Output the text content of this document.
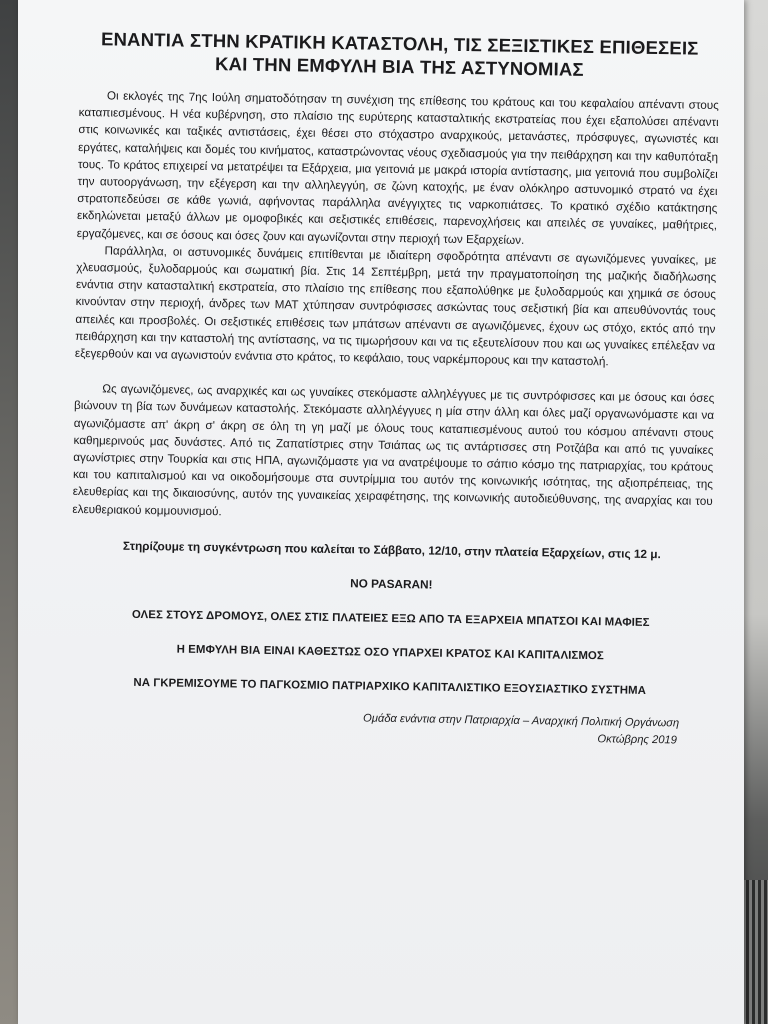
ΕΝΑΝΤΙΑ ΣΤΗΝ ΚΡΑΤΙΚΗ ΚΑΤΑΣΤΟΛΗ, ΤΙΣ ΣΕΞΙΣΤΙΚΕΣ ΕΠΙΘΕΣΕΙΣ
ΚΑΙ ΤΗΝ ΕΜΦΥΛΗ ΒΙΑ ΤΗΣ ΑΣΤΥΝΟΜΙΑΣ

Οι εκλογές της 7ης Ιούλη σηματοδότησαν τη συνέχιση της επίθεσης του κράτους και του κεφαλαίου απέναντι στους καταπιεσμένους. Η νέα κυβέρνηση, στο πλαίσιο της ευρύτερης κατασταλτικής εκστρατείας που έχει εξαπολύσει απέναντι στις κοινωνικές και ταξικές αντιστάσεις, έχει θέσει στο στόχαστρο αναρχικούς, μετανάστες, πρόσφυγες, αγωνιστές και εργάτες, καταλήψεις και δομές του κινήματος, καταστρώνοντας νέους σχεδιασμούς για την πειθάρχηση και την καθυπόταξη τους. Το κράτος επιχειρεί να μετατρέψει τα Εξάρχεια, μια γειτονιά με μακρά ιστορία αντίστασης, μια γειτονιά που συμβολίζει την αυτοοργάνωση, την εξέγερση και την αλληλεγγύη, σε ζώνη κατοχής, με έναν ολόκληρο αστυνομικό στρατό να έχει στρατοπεδεύσει σε κάθε γωνιά, αφήνοντας παράλληλα ανέγγιχτες τις ναρκοπιάτσες. Το κρατικό σχέδιο κατάκτησης εκδηλώνεται μεταξύ άλλων με ομοφοβικές και σεξιστικές επιθέσεις, παρενοχλήσεις και απειλές σε γυναίκες, μαθήτριες, εργαζόμενες, και σε όσους και όσες ζουν και αγωνίζονται στην περιοχή των Εξαρχείων.

Παράλληλα, οι αστυνομικές δυνάμεις επιτίθενται με ιδιαίτερη σφοδρότητα απέναντι σε αγωνιζόμενες γυναίκες, με χλευασμούς, ξυλοδαρμούς και σωματική βία. Στις 14 Σεπτέμβρη, μετά την πραγματοποίηση της μαζικής διαδήλωσης ενάντια στην κατασταλτική εκστρατεία, στο πλαίσιο της επίθεσης που εξαπολύθηκε με ξυλοδαρμούς και χημικά σε όσους κινούνταν στην περιοχή, άνδρες των ΜΑΤ χτύπησαν συντρόφισσες ασκώντας τους σεξιστική βία και απευθύνοντάς τους απειλές και προσβολές. Οι σεξιστικές επιθέσεις των μπάτσων απέναντι σε αγωνιζόμενες, έχουν ως στόχο, εκτός από την πειθάρχηση και την καταστολή της αντίστασης, να τις τιμωρήσουν και να τις εξευτελίσουν που και ως γυναίκες επέλεξαν να εξεγερθούν και να αγωνιστούν ενάντια στο κράτος, το κεφάλαιο, τους ναρκέμπορους και την καταστολή.

Ως αγωνιζόμενες, ως αναρχικές και ως γυναίκες στεκόμαστε αλληλέγγυες με τις συντρόφισσες και με όσους και όσες βιώνουν τη βία των δυνάμεων καταστολής. Στεκόμαστε αλληλέγγυες η μία στην άλλη και όλες μαζί οργανωνόμαστε και να αγωνιζόμαστε απ' άκρη σ' άκρη σε όλη τη γη μαζί με όλους τους καταπιεσμένους αυτού του κόσμου απέναντι στους καθημερινούς μας δυνάστες. Από τις Ζαπατίστριες στην Τσιάπας ως τις αντάρτισσες στη Ροτζάβα και από τις γυναίκες αγωνίστριες στην Τουρκία και στις ΗΠΑ, αγωνιζόμαστε για να ανατρέψουμε το σάπιο κόσμο της πατριαρχίας, του κράτους και του καπιταλισμού και να οικοδομήσουμε στα συντρίμμια του αυτόν της κοινωνικής ισότητας, της αξιοπρέπειας, της ελευθερίας και της δικαιοσύνης, αυτόν της γυναικείας χειραφέτησης, της κοινωνικής αυτοδιεύθυνσης, της αναρχίας και του ελευθεριακού κομμουνισμού.

Στηρίζουμε τη συγκέντρωση που καλείται το Σάββατο, 12/10, στην πλατεία Εξαρχείων, στις 12 μ.

NO PASARAN!

ΟΛΕΣ ΣΤΟΥΣ ΔΡΟΜΟΥΣ, ΟΛΕΣ ΣΤΙΣ ΠΛΑΤΕΙΕΣ ΕΞΩ ΑΠΟ ΤΑ ΕΞΑΡΧΕΙΑ ΜΠΑΤΣΟΙ ΚΑΙ ΜΑΦΙΕΣ

Η ΕΜΦΥΛΗ ΒΙΑ ΕΙΝΑΙ ΚΑΘΕΣΤΩΣ ΟΣΟ ΥΠΑΡΧΕΙ ΚΡΑΤΟΣ ΚΑΙ ΚΑΠΙΤΑΛΙΣΜΟΣ

ΝΑ ΓΚΡΕΜΙΣΟΥΜΕ ΤΟ ΠΑΓΚΟΣΜΙΟ ΠΑΤΡΙΑΡΧΙΚΟ ΚΑΠΙΤΑΛΙΣΤΙΚΟ ΕΞΟΥΣΙΑΣΤΙΚΟ ΣΥΣΤΗΜΑ

Ομάδα ενάντια στην Πατριαρχία – Αναρχική Πολιτική Οργάνωση
Οκτώβρης 2019
